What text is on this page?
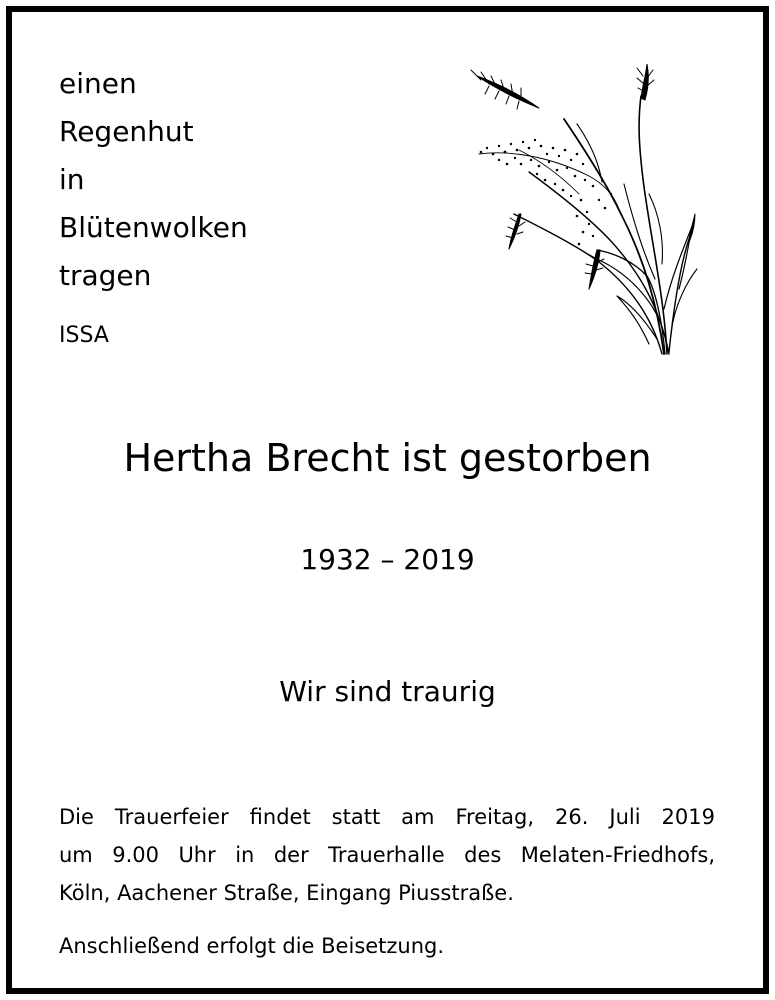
einen
Regenhut
in
Blütenwolken
tragen
ISSA
Hertha Brecht ist gestorben
1932 – 2019
Wir sind traurig
Die Trauerfeier findet statt am Freitag, 26. Juli 2019
um 9.00 Uhr in der Trauerhalle des Melaten-Friedhofs,
Köln, Aachener Straße, Eingang Piusstraße.
Anschließend erfolgt die Beisetzung.
